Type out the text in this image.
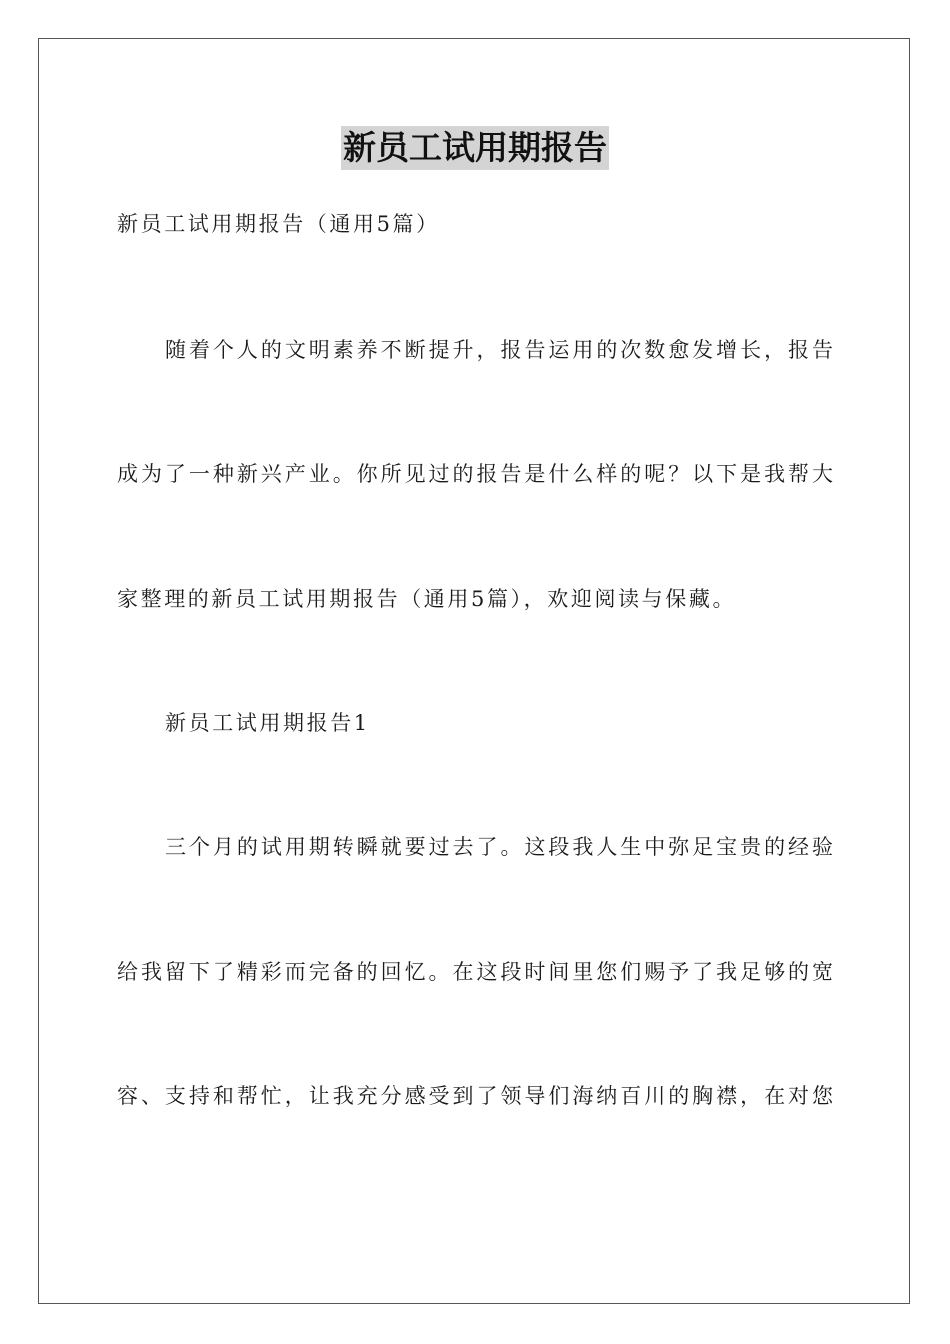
新员工试用期报告

新员工试用期报告（通用5篇）

随着个人的文明素养不断提升，报告运用的次数愈发增长，报告

成为了一种新兴产业。你所见过的报告是什么样的呢？以下是我帮大

家整理的新员工试用期报告（通用5篇），欢迎阅读与保藏。

新员工试用期报告1

三个月的试用期转瞬就要过去了。这段我人生中弥足宝贵的经验

给我留下了精彩而完备的回忆。在这段时间里您们赐予了我足够的宽

容、支持和帮忙，让我充分感受到了领导们海纳百川的胸襟，在对您
